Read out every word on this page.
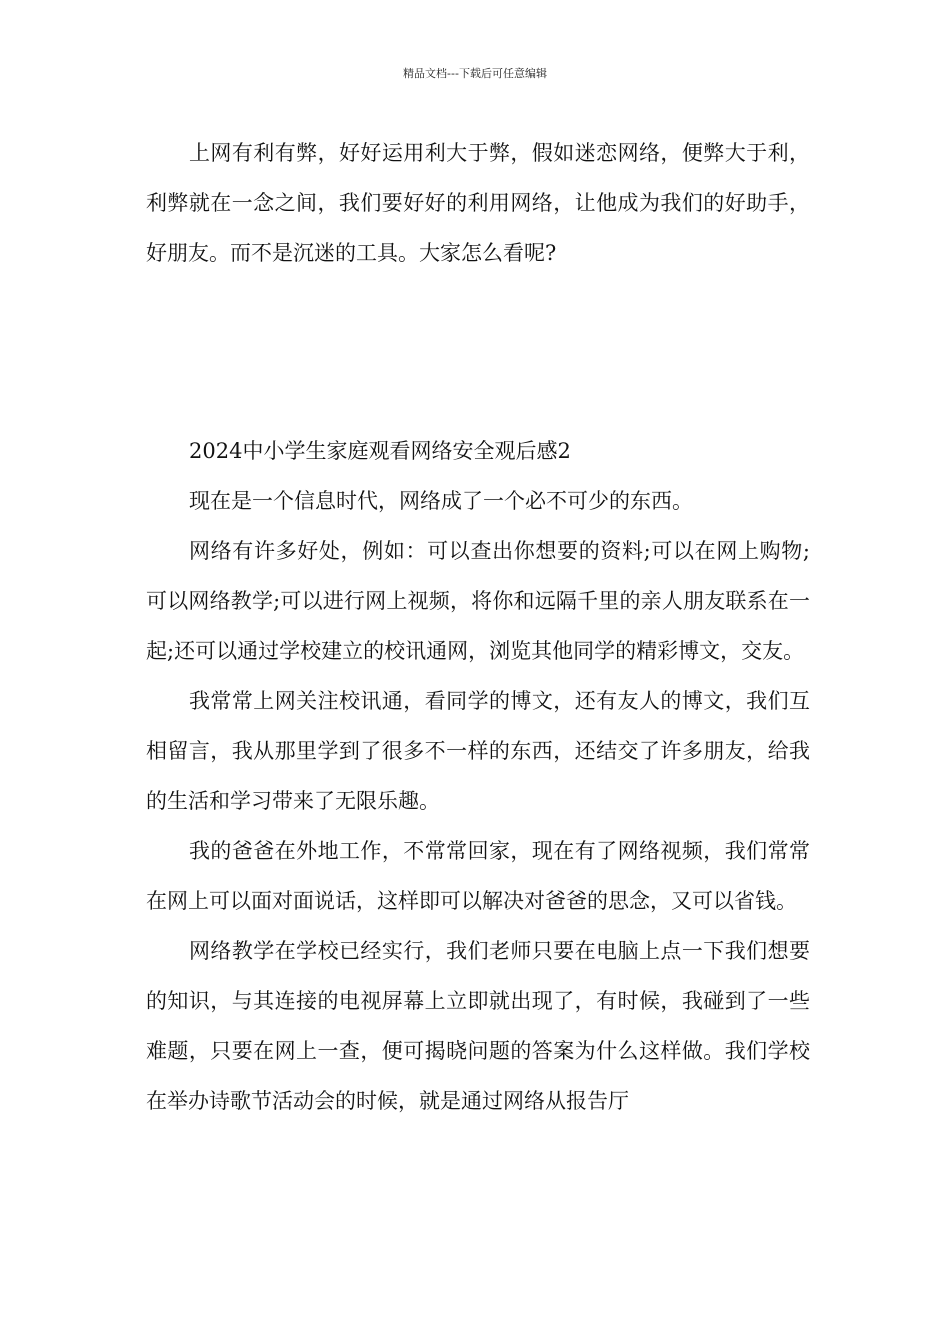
精品文档---下载后可任意编辑

上网有利有弊，好好运用利大于弊，假如迷恋网络，便弊大于利，利弊就在一念之间，我们要好好的利用网络，让他成为我们的好助手，好朋友。而不是沉迷的工具。大家怎么看呢?

2024中小学生家庭观看网络安全观后感2

现在是一个信息时代，网络成了一个必不可少的东西。

网络有许多好处，例如：可以查出你想要的资料;可以在网上购物;可以网络教学;可以进行网上视频，将你和远隔千里的亲人朋友联系在一起;还可以通过学校建立的校讯通网，浏览其他同学的精彩博文，交友。

我常常上网关注校讯通，看同学的博文，还有友人的博文，我们互相留言，我从那里学到了很多不一样的东西，还结交了许多朋友，给我的生活和学习带来了无限乐趣。

我的爸爸在外地工作，不常常回家，现在有了网络视频，我们常常在网上可以面对面说话，这样即可以解决对爸爸的思念，又可以省钱。

网络教学在学校已经实行，我们老师只要在电脑上点一下我们想要的知识，与其连接的电视屏幕上立即就出现了，有时候，我碰到了一些难题，只要在网上一查，便可揭晓问题的答案为什么这样做。我们学校在举办诗歌节活动会的时候，就是通过网络从报告厅
